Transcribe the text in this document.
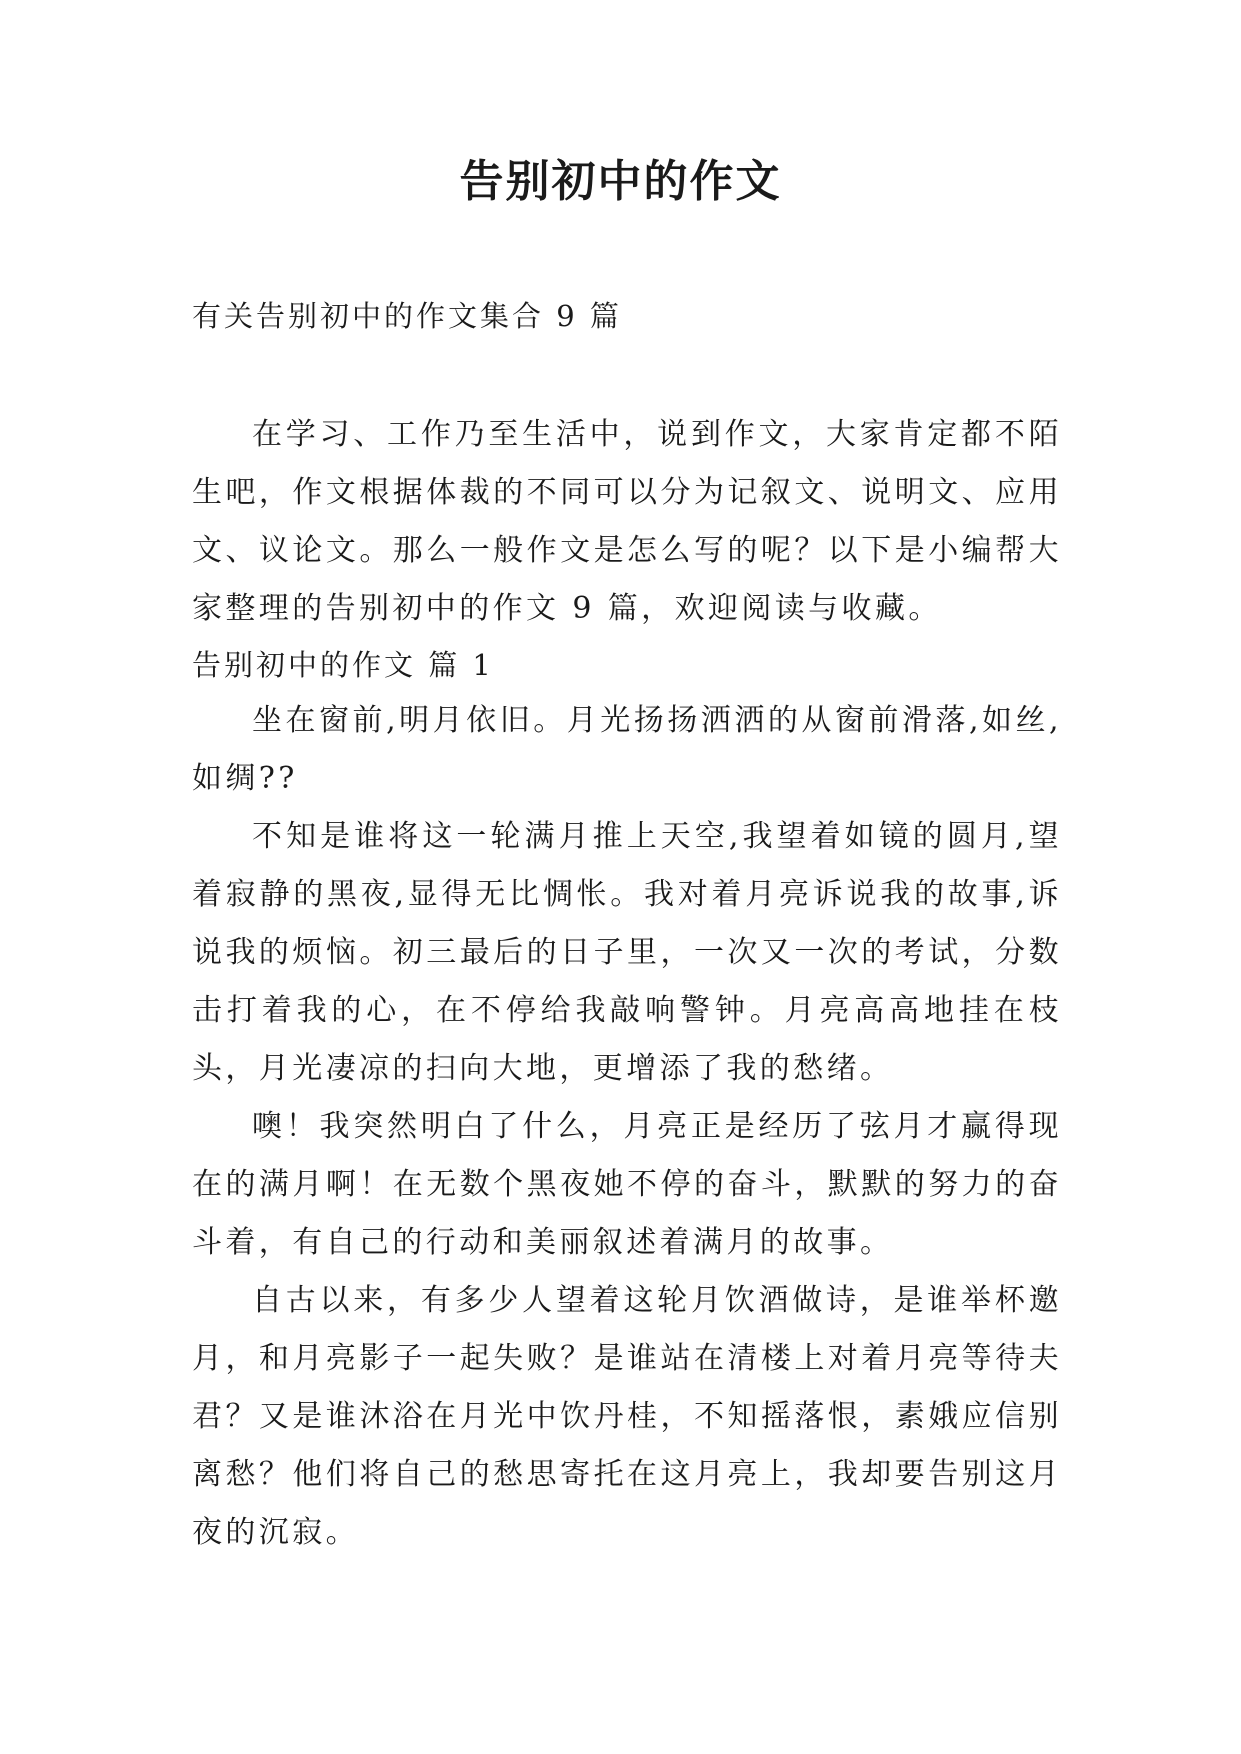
告别初中的作文

有关告别初中的作文集合 9 篇

在学习、工作乃至生活中，说到作文，大家肯定都不陌生吧，作文根据体裁的不同可以分为记叙文、说明文、应用文、议论文。那么一般作文是怎么写的呢？以下是小编帮大家整理的告别初中的作文 9 篇，欢迎阅读与收藏。

告别初中的作文 篇 1

坐在窗前,明月依旧。月光扬扬洒洒的从窗前滑落,如丝,如绸??

不知是谁将这一轮满月推上天空,我望着如镜的圆月,望着寂静的黑夜,显得无比惆怅。我对着月亮诉说我的故事,诉说我的烦恼。初三最后的日子里，一次又一次的考试，分数击打着我的心，在不停给我敲响警钟。月亮高高地挂在枝头，月光凄凉的扫向大地，更增添了我的愁绪。

噢！我突然明白了什么，月亮正是经历了弦月才赢得现在的满月啊！在无数个黑夜她不停的奋斗，默默的努力的奋斗着，有自己的行动和美丽叙述着满月的故事。

自古以来，有多少人望着这轮月饮酒做诗，是谁举杯邀月，和月亮影子一起失败？是谁站在清楼上对着月亮等待夫君？又是谁沐浴在月光中饮丹桂，不知摇落恨，素娥应信别离愁？他们将自己的愁思寄托在这月亮上，我却要告别这月夜的沉寂。
